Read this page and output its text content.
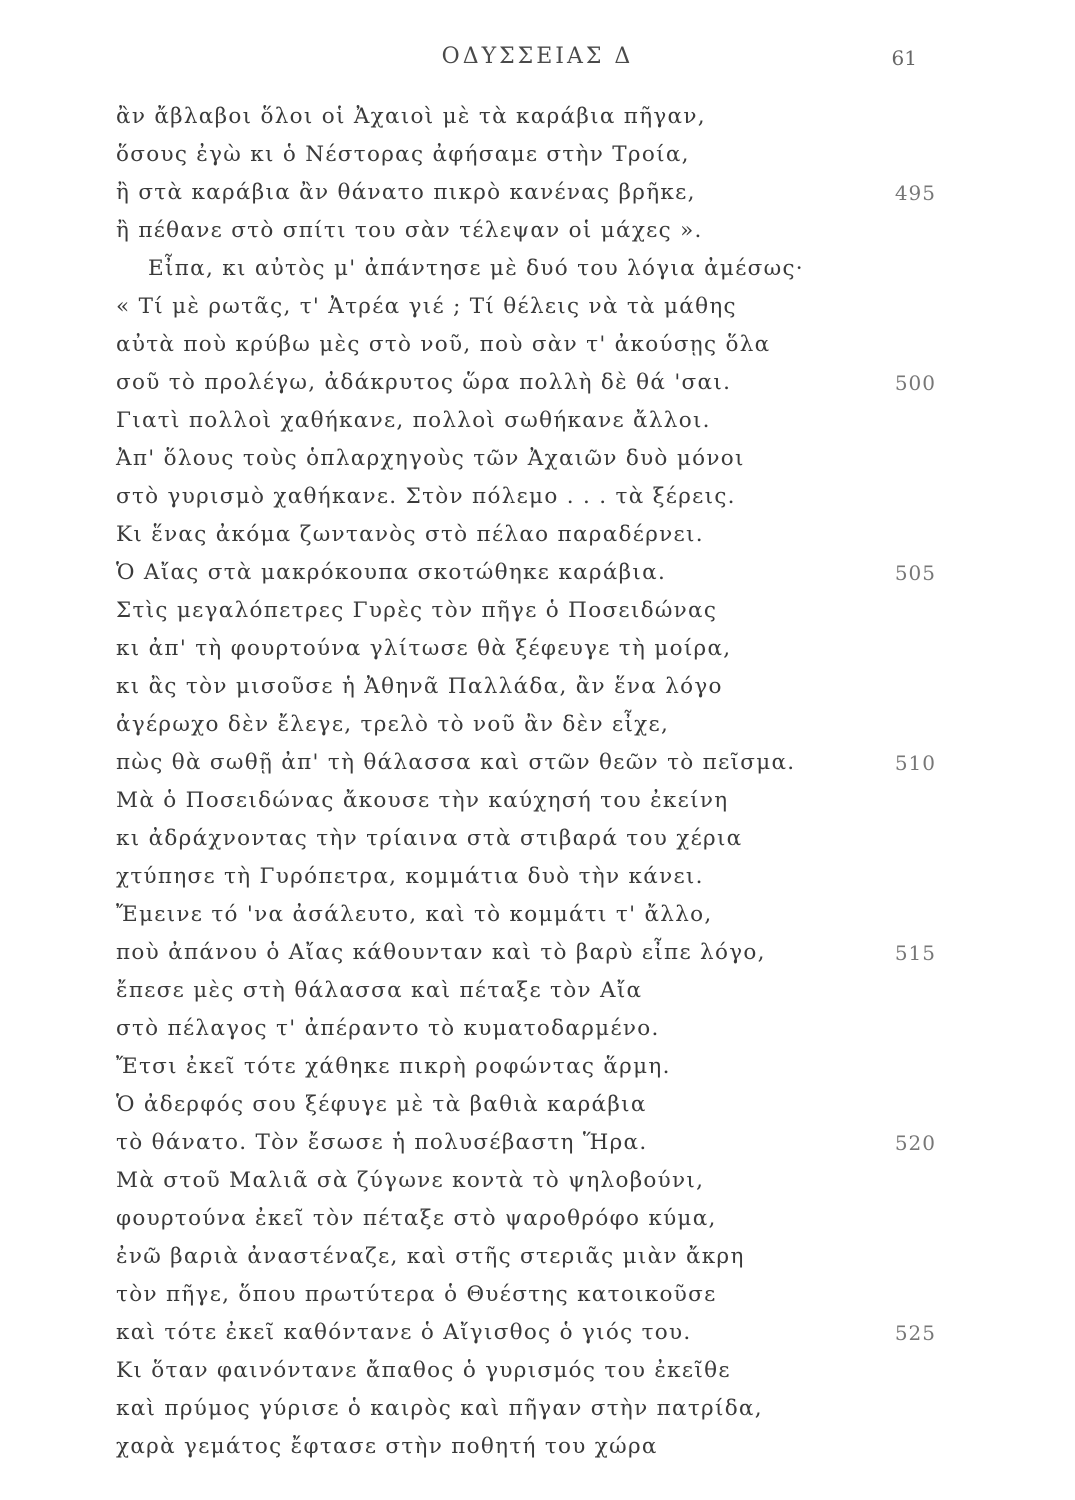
ΟΔΥΣΣΕΙΑΣ Δ	61
ἂν ἄβλαβοι ὅλοι οἱ Ἀχαιοὶ μὲ τὰ καράβια πῆγαν,
ὅσους ἐγὼ κι ὁ Νέστορας ἀφήσαμε στὴν Τροία,
ἢ στὰ καράβια ἂν θάνατο πικρὸ κανένας βρῆκε,	495
ἢ πέθανε στὸ σπίτι του σὰν τέλεψαν οἱ μάχες ».
Εἶπα, κι αὐτὸς μ' ἀπάντησε μὲ δυό του λόγια ἀμέσως·
« Τί μὲ ρωτᾶς, τ' Ἀτρέα γιέ ; Τί θέλεις νὰ τὰ μάθης
αὐτὰ ποὺ κρύβω μὲς στὸ νοῦ, ποὺ σὰν τ' ἀκούσῃς ὅλα
σοῦ τὸ προλέγω, ἀδάκρυτος ὥρα πολλὴ δὲ θά 'σαι.	500
Γιατὶ πολλοὶ χαθήκανε, πολλοὶ σωθήκανε ἄλλοι.
Ἀπ' ὅλους τοὺς ὁπλαρχηγοὺς τῶν Ἀχαιῶν δυὸ μόνοι
στὸ γυρισμὸ χαθήκανε. Στὸν πόλεμο . . . τὰ ξέρεις.
Κι ἕνας ἀκόμα ζωντανὸς στὸ πέλαο παραδέρνει.
Ὁ Αἴας στὰ μακρόκουπα σκοτώθηκε καράβια.	505
Στὶς μεγαλόπετρες Γυρὲς τὸν πῆγε ὁ Ποσειδώνας
κι ἀπ' τὴ φουρτούνα γλίτωσε θὰ ξέφευγε τὴ μοίρα,
κι ἂς τὸν μισοῦσε ἡ Ἀθηνᾶ Παλλάδα, ἂν ἕνα λόγο
ἀγέρωχο δὲν ἔλεγε, τρελὸ τὸ νοῦ ἂν δὲν εἶχε,
πὼς θὰ σωθῇ ἀπ' τὴ θάλασσα καὶ στῶν θεῶν τὸ πεῖσμα.	510
Μὰ ὁ Ποσειδώνας ἄκουσε τὴν καύχησή του ἐκείνη
κι ἀδράχνοντας τὴν τρίαινα στὰ στιβαρά του χέρια
χτύπησε τὴ Γυρόπετρα, κομμάτια δυὸ τὴν κάνει.
Ἔμεινε τό 'να ἀσάλευτο, καὶ τὸ κομμάτι τ' ἄλλο,
ποὺ ἀπάνου ὁ Αἴας κάθουνταν καὶ τὸ βαρὺ εἶπε λόγο,	515
ἔπεσε μὲς στὴ θάλασσα καὶ πέταξε τὸν Αἴα
στὸ πέλαγος τ' ἀπέραντο τὸ κυματοδαρμένο.
Ἔτσι ἐκεῖ τότε χάθηκε πικρὴ ροφώντας ἅρμη.
Ὁ ἀδερφός σου ξέφυγε μὲ τὰ βαθιὰ καράβια
τὸ θάνατο. Τὸν ἔσωσε ἡ πολυσέβαστη Ἥρα.	520
Μὰ στοῦ Μαλιᾶ σὰ ζύγωνε κοντὰ τὸ ψηλοβούνι,
φουρτούνα ἐκεῖ τὸν πέταξε στὸ ψαροθρόφο κύμα,
ἐνῶ βαριὰ ἀναστέναζε, καὶ στῆς στεριᾶς μιὰν ἄκρη
τὸν πῆγε, ὅπου πρωτύτερα ὁ Θυέστης κατοικοῦσε
καὶ τότε ἐκεῖ καθόντανε ὁ Αἴγισθος ὁ γιός του.	525
Κι ὅταν φαινόντανε ἄπαθος ὁ γυρισμός του ἐκεῖθε
καὶ πρύμος γύρισε ὁ καιρὸς καὶ πῆγαν στὴν πατρίδα,
χαρὰ γεμάτος ἔφτασε στὴν ποθητή του χώρα
